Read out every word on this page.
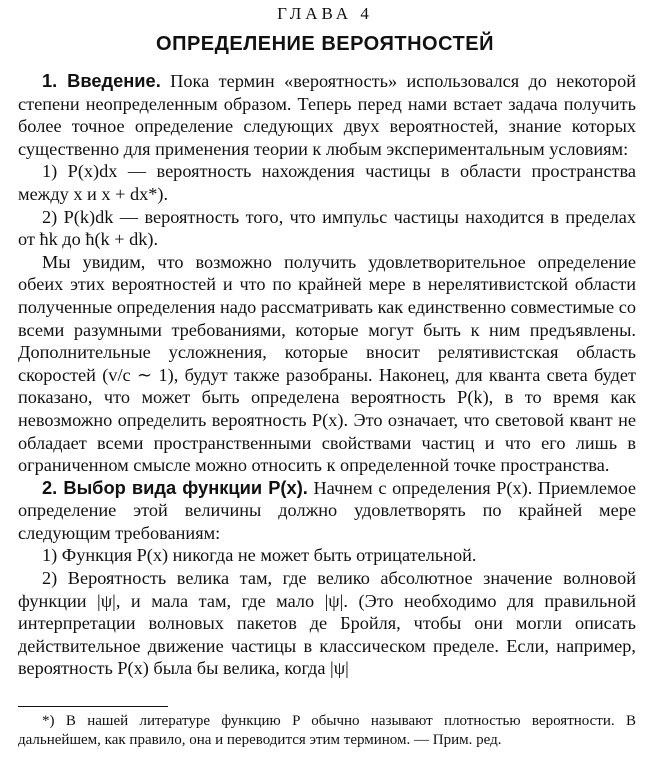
ГЛАВА 4
ОПРЕДЕЛЕНИЕ ВЕРОЯТНОСТЕЙ

1. Введение. Пока термин «вероятность» использовался до некоторой степени неопределенным образом. Теперь перед нами встает задача получить более точное определение следующих двух вероятностей, знание которых существенно для применения теории к любым экспериментальным условиям:

1) P(x)dx — вероятность нахождения частицы в области пространства между x и x + dx*).

2) P(k)dk — вероятность того, что импульс частицы находится в пределах от ħk до ħ(k + dk).

Мы увидим, что возможно получить удовлетворительное определение обеих этих вероятностей и что по крайней мере в нерелятивистской области полученные определения надо рассматривать как единственно совместимые со всеми разумными требованиями, которые могут быть к ним предъявлены. Дополнительные усложнения, которые вносит релятивистская область скоростей (v/c ∼ 1), будут также разобраны. Наконец, для кванта света будет показано, что может быть определена вероятность P(k), в то время как невозможно определить вероятность P(x). Это означает, что световой квант не обладает всеми пространственными свойствами частиц и что его лишь в ограниченном смысле можно относить к определенной точке пространства.

2. Выбор вида функции P(x). Начнем с определения P(x). Приемлемое определение этой величины должно удовлетворять по крайней мере следующим требованиям:

1) Функция P(x) никогда не может быть отрицательной.

2) Вероятность велика там, где велико абсолютное значение волновой функции |ψ|, и мала там, где мало |ψ|. (Это необходимо для правильной интерпретации волновых пакетов де Бройля, чтобы они могли описать действительное движение частицы в классическом пределе. Если, например, вероятность P(x) была бы велика, когда |ψ|

*) В нашей литературе функцию P обычно называют плотностью вероятности. В дальнейшем, как правило, она и переводится этим термином. — Прим. ред.
